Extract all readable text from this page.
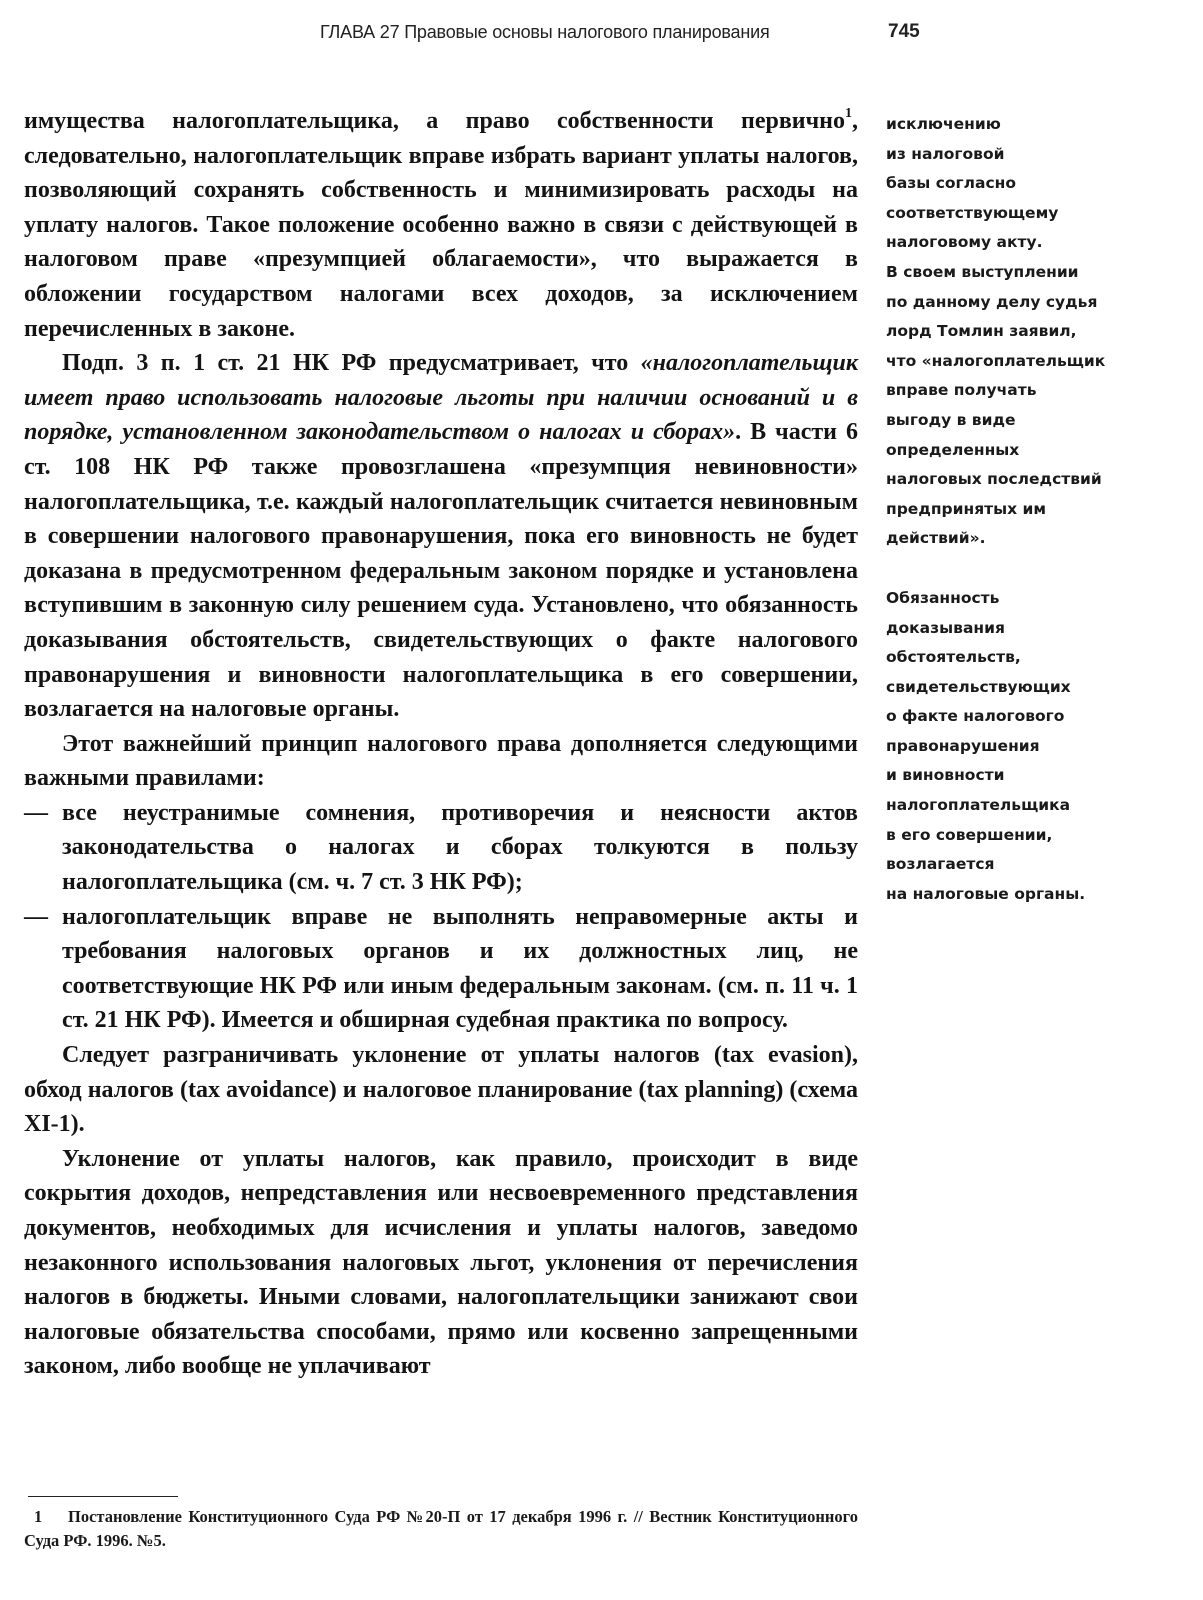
ГЛАВА 27 Правовые основы налогового планирования	745

имущества налогоплательщика, а право собственности первично$^1$, следовательно, налогоплательщик вправе избрать вариант уплаты налогов, позволяющий сохранять собственность и минимизировать расходы на уплату налогов. Такое положение особенно важно в связи с действующей в налоговом праве «презумпцией облагаемости», что выражается в обложении государством налогами всех доходов, за исключением перечисленных в законе.

Подп. 3 п. 1 ст. 21 НК РФ предусматривает, что «налогоплательщик имеет право использовать налоговые льготы при наличии оснований и в порядке, установленном законодательством о налогах и сборах». В части 6 ст. 108 НК РФ также провозглашена «презумпция невиновности» налогоплательщика, т.е. каждый налогоплательщик считается невиновным в совершении налогового правонарушения, пока его виновность не будет доказана в предусмотренном федеральным законом порядке и установлена вступившим в законную силу решением суда. Установлено, что обязанность доказывания обстоятельств, свидетельствующих о факте налогового правонарушения и виновности налогоплательщика в его совершении, возлагается на налоговые органы.

Этот важнейший принцип налогового права дополняется следующими важными правилами:

— все неустранимые сомнения, противоречия и неясности актов законодательства о налогах и сборах толкуются в пользу налогоплательщика (см. ч. 7 ст. 3 НК РФ);
— налогоплательщик вправе не выполнять неправомерные акты и требования налоговых органов и их должностных лиц, не соответствующие НК РФ или иным федеральным законам. (см. п. 11 ч. 1 ст. 21 НК РФ). Имеется и обширная судебная практика по вопросу.

Следует разграничивать уклонение от уплаты налогов (tax evasion), обход налогов (tax avoidance) и налоговое планирование (tax planning) (схема XI-1).

Уклонение от уплаты налогов, как правило, происходит в виде сокрытия доходов, непредставления или несвоевременного представления документов, необходимых для исчисления и уплаты налогов, заведомо незаконного использования налоговых льгот, уклонения от перечисления налогов в бюджеты. Иными словами, налогоплательщики занижают свои налоговые обязательства способами, прямо или косвенно запрещенными законом, либо вообще не уплачивают

исключению
из налоговой
базы согласно
соответствующему
налоговому акту.
В своем выступлении
по данному делу судья
лорд Томлин заявил,
что «налогоплательщик
вправе получать
выгоду в виде
определенных
налоговых последствий
предпринятых им
действий».

Обязанность
доказывания
обстоятельств,
свидетельствующих
о факте налогового
правонарушения
и виновности
налогоплательщика
в его совершении,
возлагается
на налоговые органы.

1 Постановление Конституционного Суда РФ №20-П от 17 декабря 1996 г. // Вестник Конституционного Суда РФ. 1996. №5.
